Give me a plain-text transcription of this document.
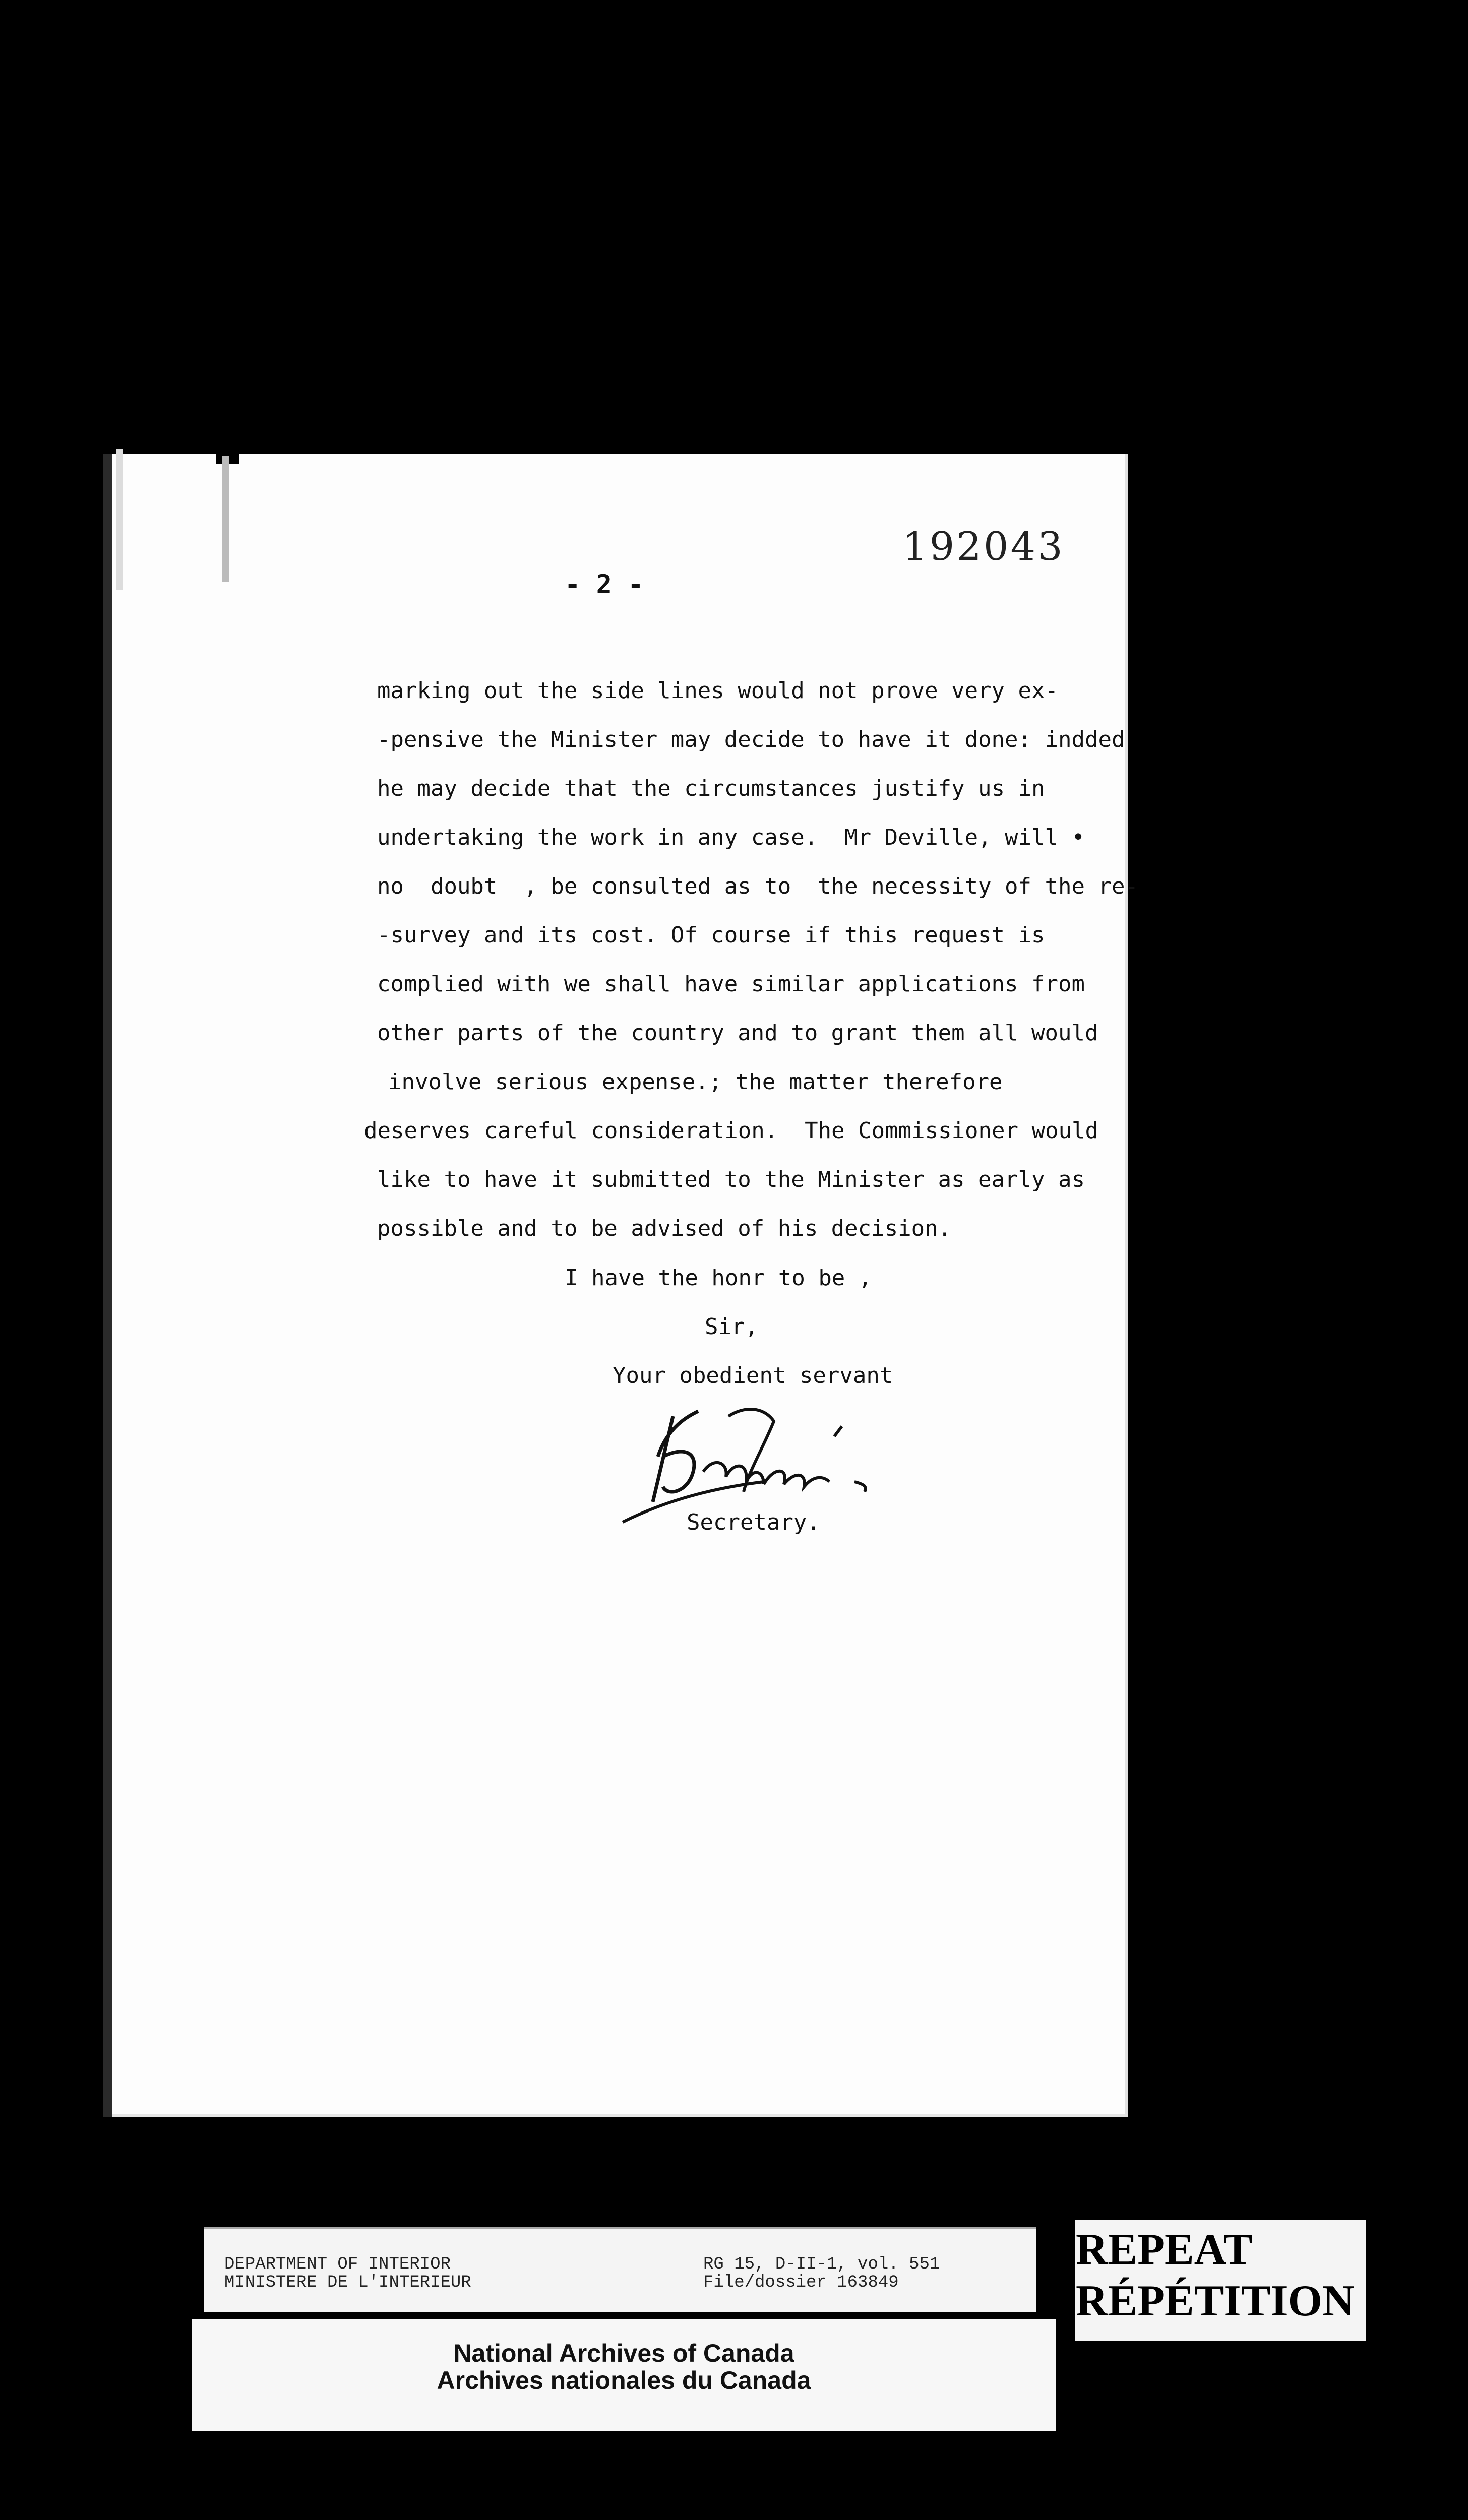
192043
- 2 -
marking out the side lines would not prove very ex-
-pensive the Minister may decide to have it done: indded
he may decide that the circumstances justify us in
undertaking the work in any case.  Mr Deville, will •
no  doubt  , be consulted as to  the necessity of the re-
-survey and its cost. Of course if this request is
complied with we shall have similar applications from
other parts of the country and to grant them all would
involve serious expense.; the matter therefore
deserves careful consideration.  The Commissioner would
like to have it submitted to the Minister as early as
possible and to be advised of his decision.
I have the honr to be ,
Sir,
Your obedient servant
Secretary.
DEPARTMENT OF INTERIOR
MINISTERE DE L'INTERIEUR
RG 15, D-II-1, vol. 551
File/dossier 163849
National Archives of Canada
Archives nationales du Canada
REPEAT
RÉPÉTITION
